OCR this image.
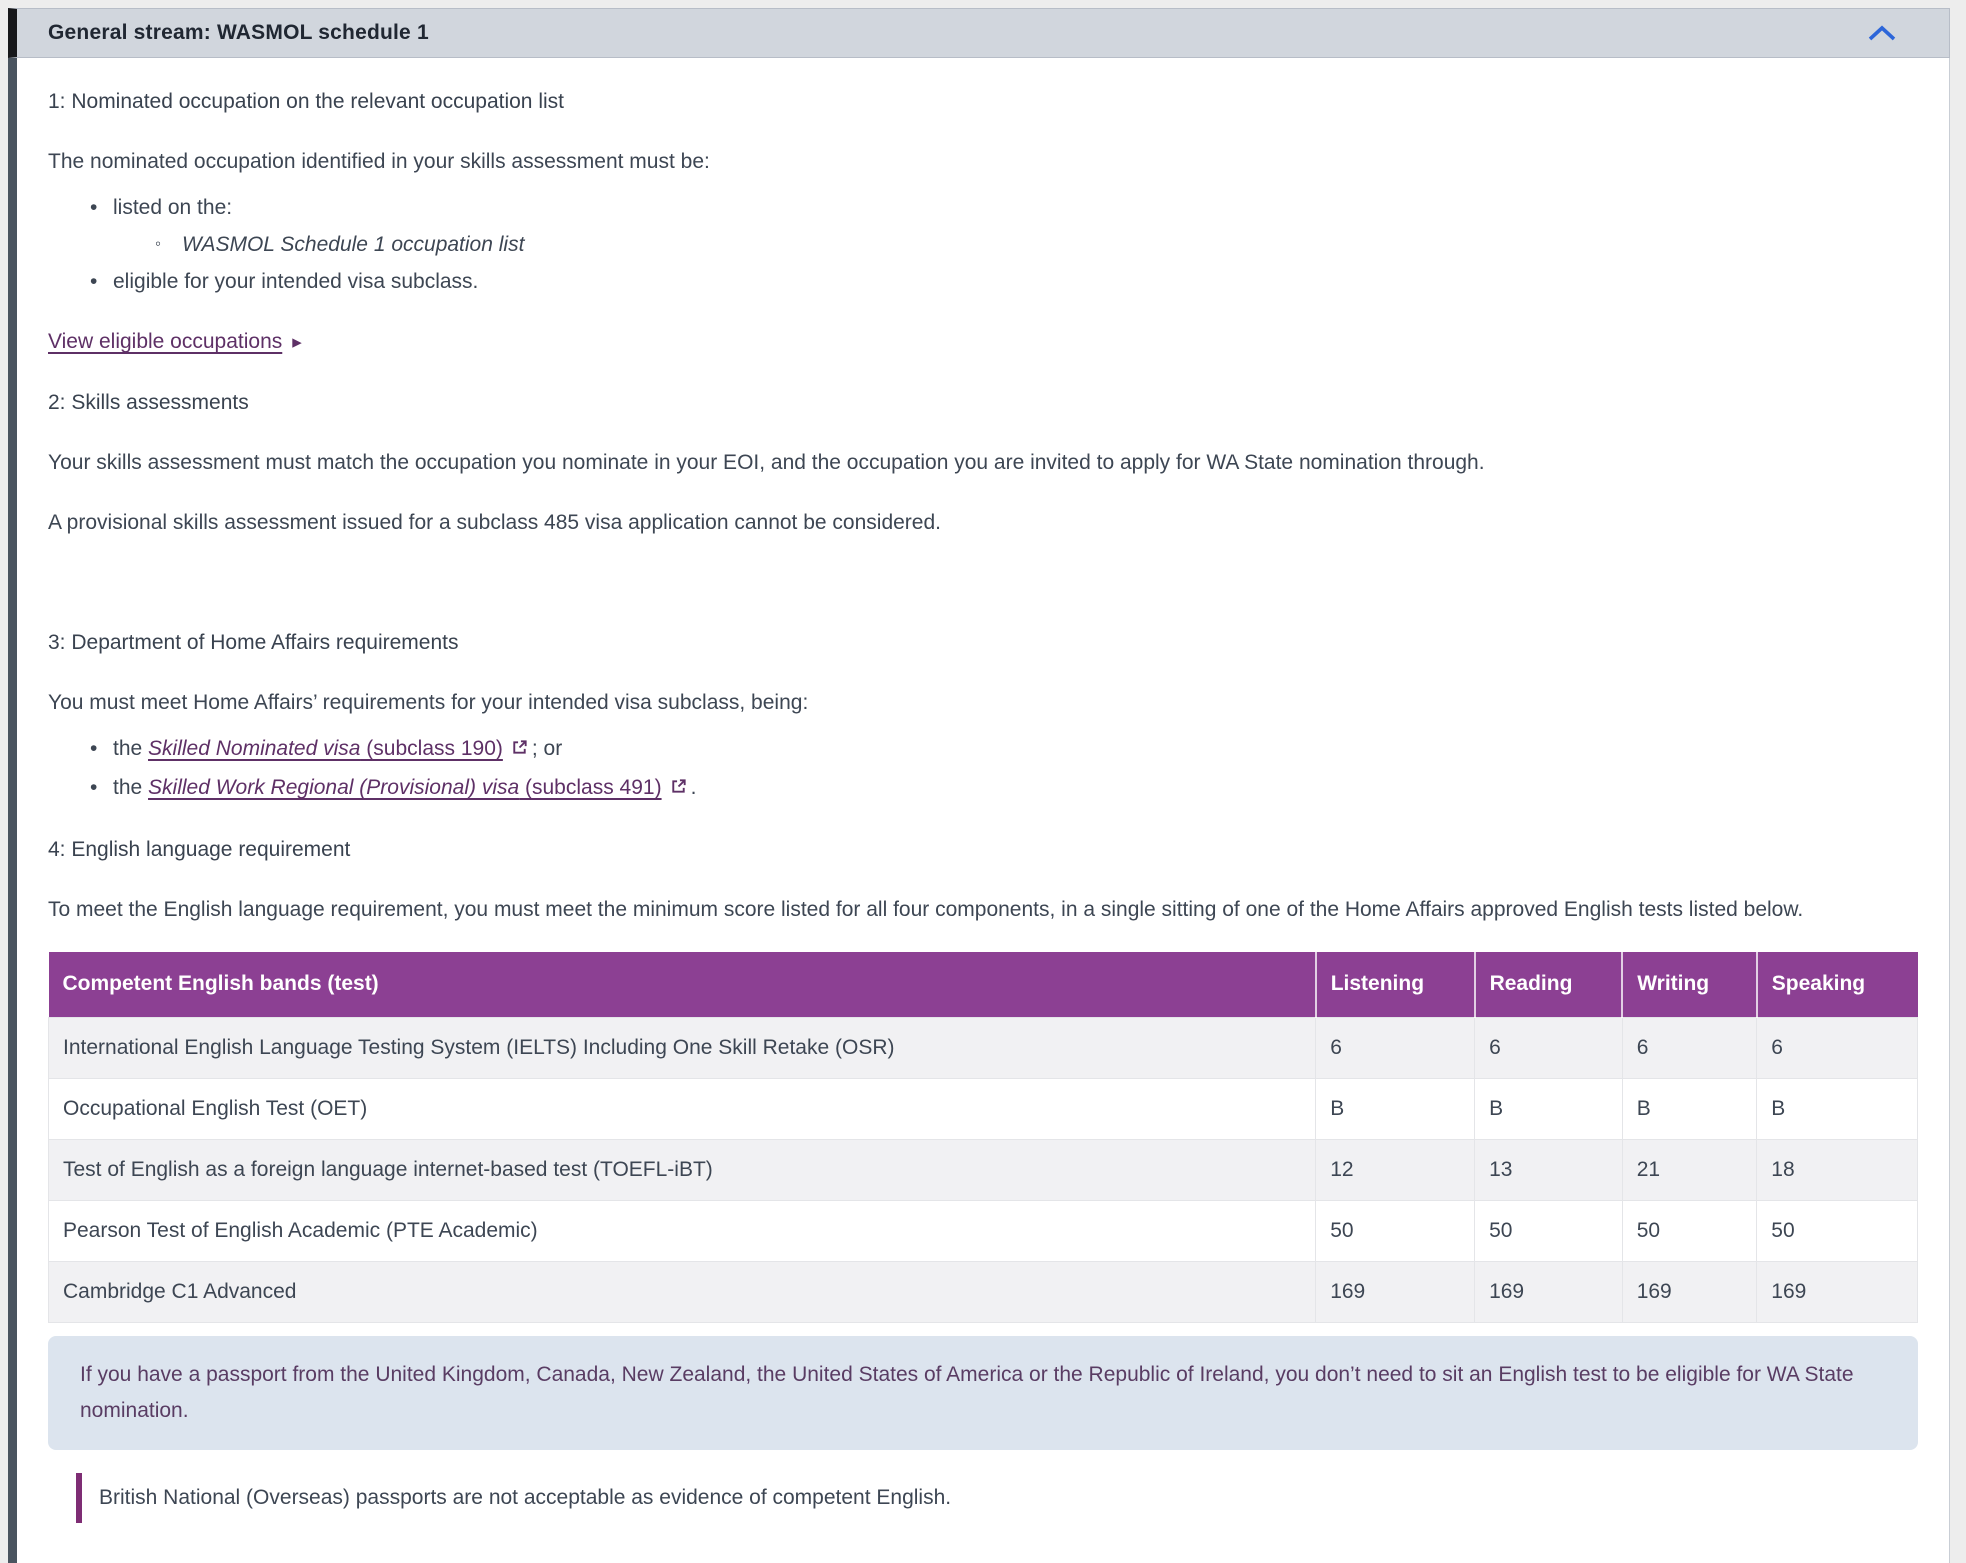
General stream: WASMOL schedule 1

1: Nominated occupation on the relevant occupation list

The nominated occupation identified in your skills assessment must be:

• listed on the:
◦ WASMOL Schedule 1 occupation list
• eligible for your intended visa subclass.

View eligible occupations ▸

2: Skills assessments

Your skills assessment must match the occupation you nominate in your EOI, and the occupation you are invited to apply for WA State nomination through.

A provisional skills assessment issued for a subclass 485 visa application cannot be considered.

3: Department of Home Affairs requirements

You must meet Home Affairs’ requirements for your intended visa subclass, being:

• the Skilled Nominated visa (subclass 190) ; or
• the Skilled Work Regional (Provisional) visa (subclass 491) .

4: English language requirement

To meet the English language requirement, you must meet the minimum score listed for all four components, in a single sitting of one of the Home Affairs approved English tests listed below.

Competent English bands (test)	Listening	Reading	Writing	Speaking
International English Language Testing System (IELTS) Including One Skill Retake (OSR)	6	6	6	6
Occupational English Test (OET)	B	B	B	B
Test of English as a foreign language internet-based test (TOEFL-iBT)	12	13	21	18
Pearson Test of English Academic (PTE Academic)	50	50	50	50
Cambridge C1 Advanced	169	169	169	169

If you have a passport from the United Kingdom, Canada, New Zealand, the United States of America or the Republic of Ireland, you don’t need to sit an English test to be eligible for WA State nomination.

British National (Overseas) passports are not acceptable as evidence of competent English.
